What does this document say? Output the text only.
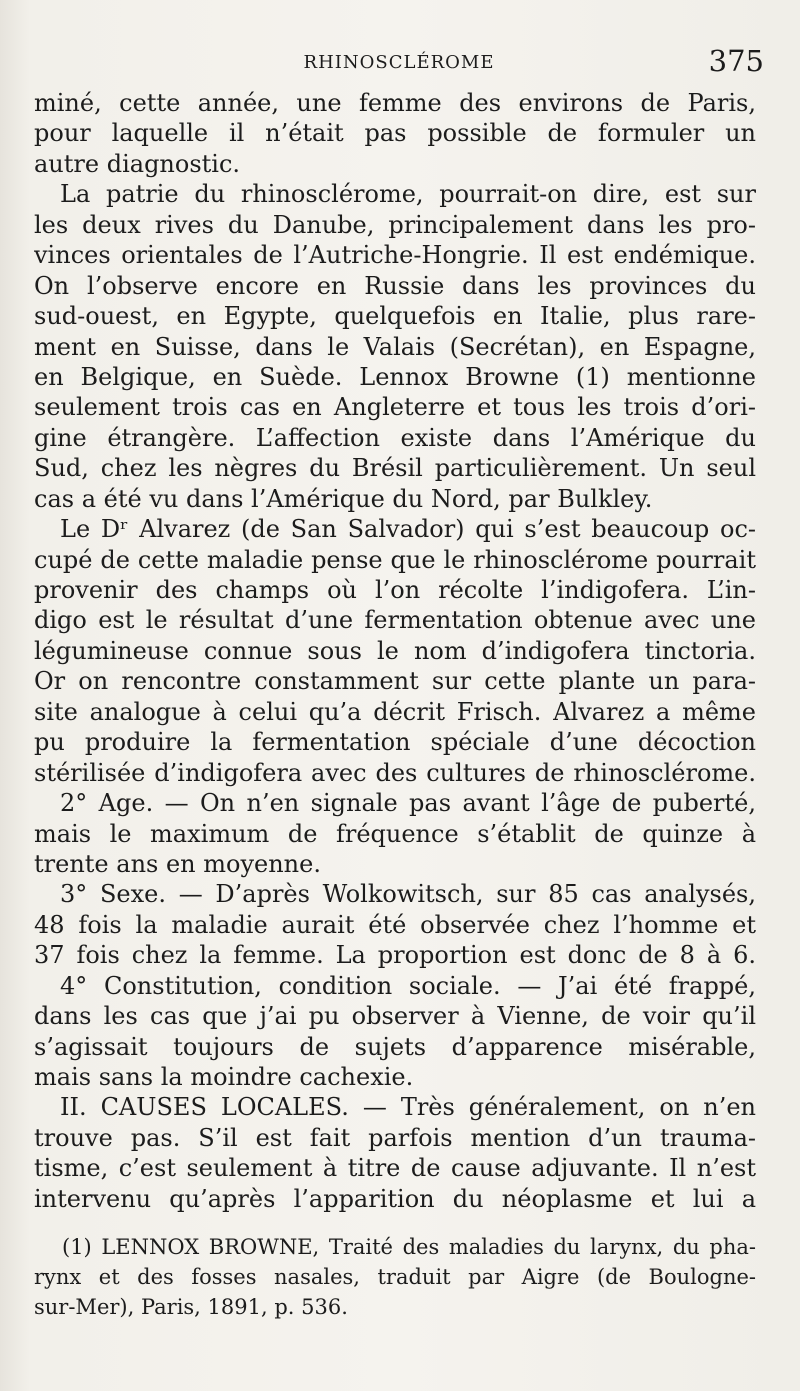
RHINOSCLÉROME	375
miné, cette année, une femme des environs de Paris,
pour laquelle il n’était pas possible de formuler un
autre diagnostic.
La patrie du rhinosclérome, pourrait-on dire, est sur
les deux rives du Danube, principalement dans les pro-
vinces orientales de l’Autriche-Hongrie. Il est endémique.
On l’observe encore en Russie dans les provinces du
sud-ouest, en Egypte, quelquefois en Italie, plus rare-
ment en Suisse, dans le Valais (Secrétan), en Espagne,
en Belgique, en Suède. Lennox Browne (1) mentionne
seulement trois cas en Angleterre et tous les trois d’ori-
gine étrangère. L’affection existe dans l’Amérique du
Sud, chez les nègres du Brésil particulièrement. Un seul
cas a été vu dans l’Amérique du Nord, par Bulkley.
Le Dʳ Alvarez (de San Salvador) qui s’est beaucoup oc-
cupé de cette maladie pense que le rhinosclérome pourrait
provenir des champs où l’on récolte l’indigofera. L’in-
digo est le résultat d’une fermentation obtenue avec une
légumineuse connue sous le nom d’indigofera tinctoria.
Or on rencontre constamment sur cette plante un para-
site analogue à celui qu’a décrit Frisch. Alvarez a même
pu produire la fermentation spéciale d’une décoction
stérilisée d’indigofera avec des cultures de rhinosclérome.
2° Age. — On n’en signale pas avant l’âge de puberté,
mais le maximum de fréquence s’établit de quinze à
trente ans en moyenne.
3° Sexe. — D’après Wolkowitsch, sur 85 cas analysés,
48 fois la maladie aurait été observée chez l’homme et
37 fois chez la femme. La proportion est donc de 8 à 6.
4° Constitution, condition sociale. — J’ai été frappé,
dans les cas que j’ai pu observer à Vienne, de voir qu’il
s’agissait toujours de sujets d’apparence misérable,
mais sans la moindre cachexie.
II. CAUSES LOCALES. — Très généralement, on n’en
trouve pas. S’il est fait parfois mention d’un trauma-
tisme, c’est seulement à titre de cause adjuvante. Il n’est
intervenu qu’après l’apparition du néoplasme et lui a
(1) LENNOX BROWNE, Traité des maladies du larynx, du pha-
rynx et des fosses nasales, traduit par Aigre (de Boulogne-
sur-Mer), Paris, 1891, p. 536.
